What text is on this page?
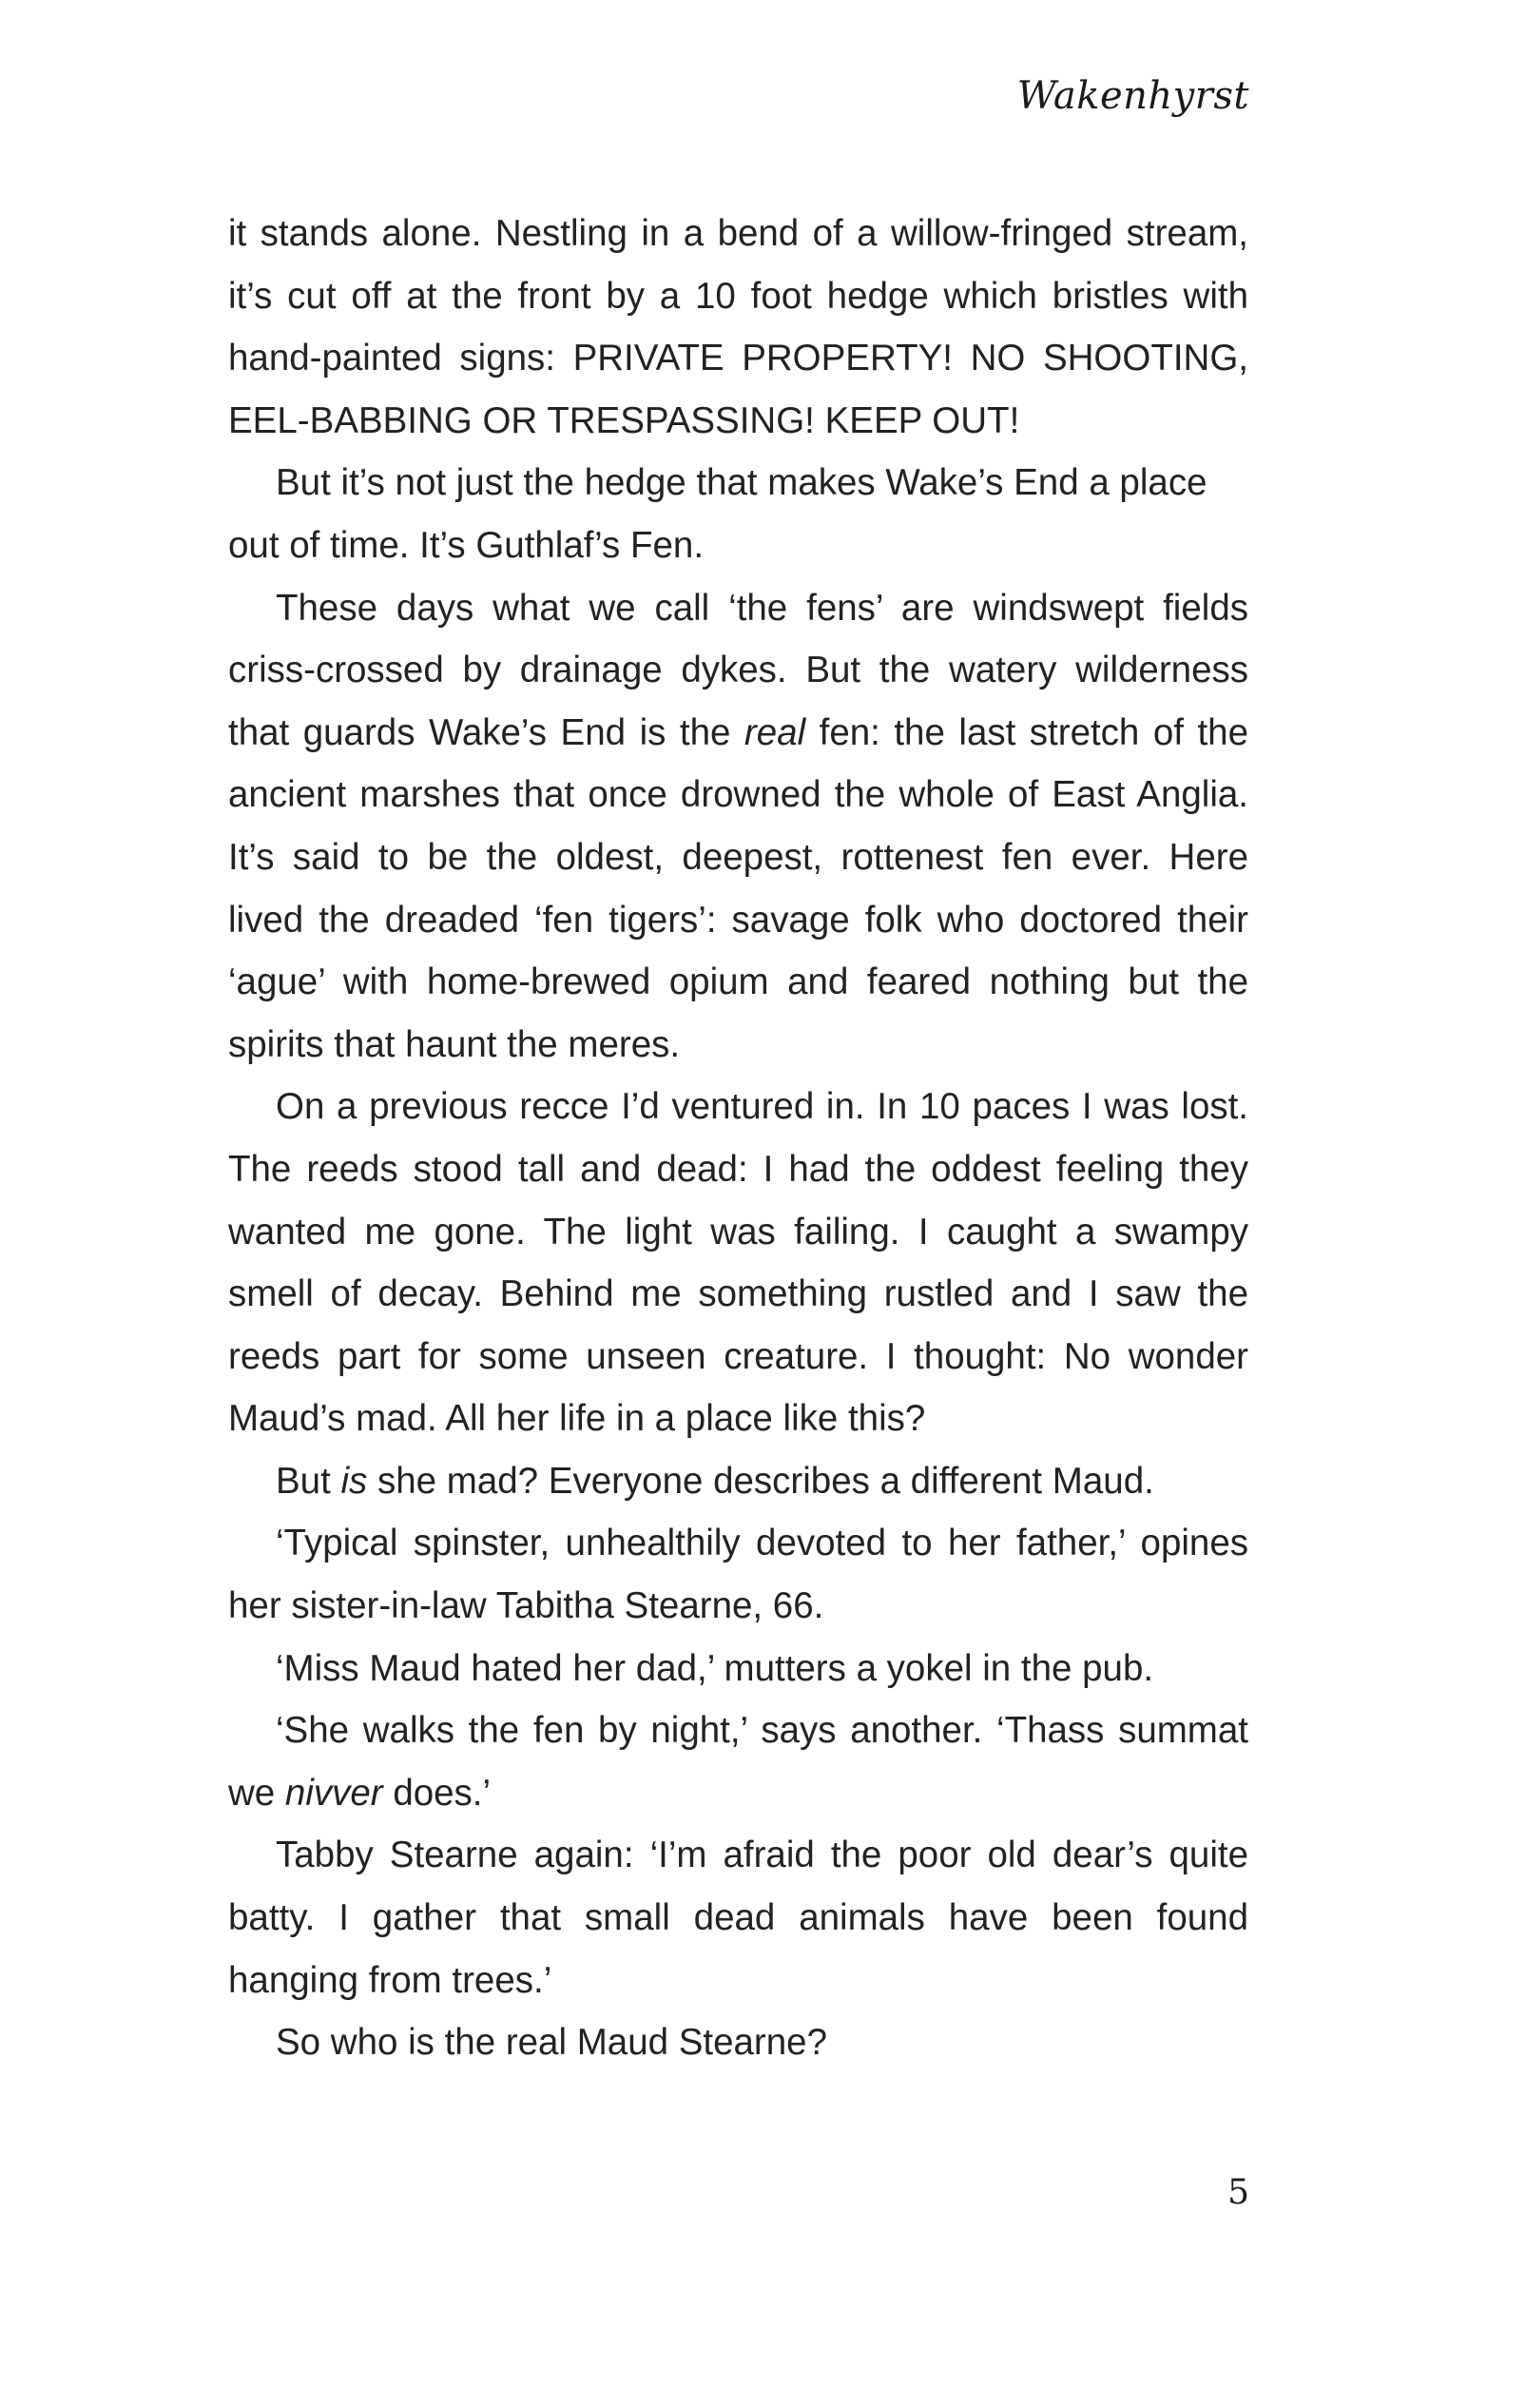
Wakenhyrst

it stands alone. Nestling in a bend of a willow-fringed stream, it’s cut off at the front by a 10 foot hedge which bristles with hand-painted signs: PRIVATE PROPERTY! NO SHOOTING, EEL-BABBING OR TRESPASSING! KEEP OUT!

But it’s not just the hedge that makes Wake’s End a place out of time. It’s Guthlaf’s Fen.

These days what we call ‘the fens’ are windswept fields criss-crossed by drainage dykes. But the watery wilderness that guards Wake’s End is the real fen: the last stretch of the ancient marshes that once drowned the whole of East Anglia. It’s said to be the oldest, deepest, rottenest fen ever. Here lived the dreaded ‘fen tigers’: savage folk who doctored their ‘ague’ with home-brewed opium and feared nothing but the spirits that haunt the meres.

On a previous recce I’d ventured in. In 10 paces I was lost. The reeds stood tall and dead: I had the oddest feeling they wanted me gone. The light was failing. I caught a swampy smell of decay. Behind me something rustled and I saw the reeds part for some unseen creature. I thought: No wonder Maud’s mad. All her life in a place like this?

But is she mad? Everyone describes a different Maud.

‘Typical spinster, unhealthily devoted to her father,’ opines her sister-in-law Tabitha Stearne, 66.

‘Miss Maud hated her dad,’ mutters a yokel in the pub.

‘She walks the fen by night,’ says another. ‘Thass summat we nivver does.’

Tabby Stearne again: ‘I’m afraid the poor old dear’s quite batty. I gather that small dead animals have been found hanging from trees.’

So who is the real Maud Stearne?

5
